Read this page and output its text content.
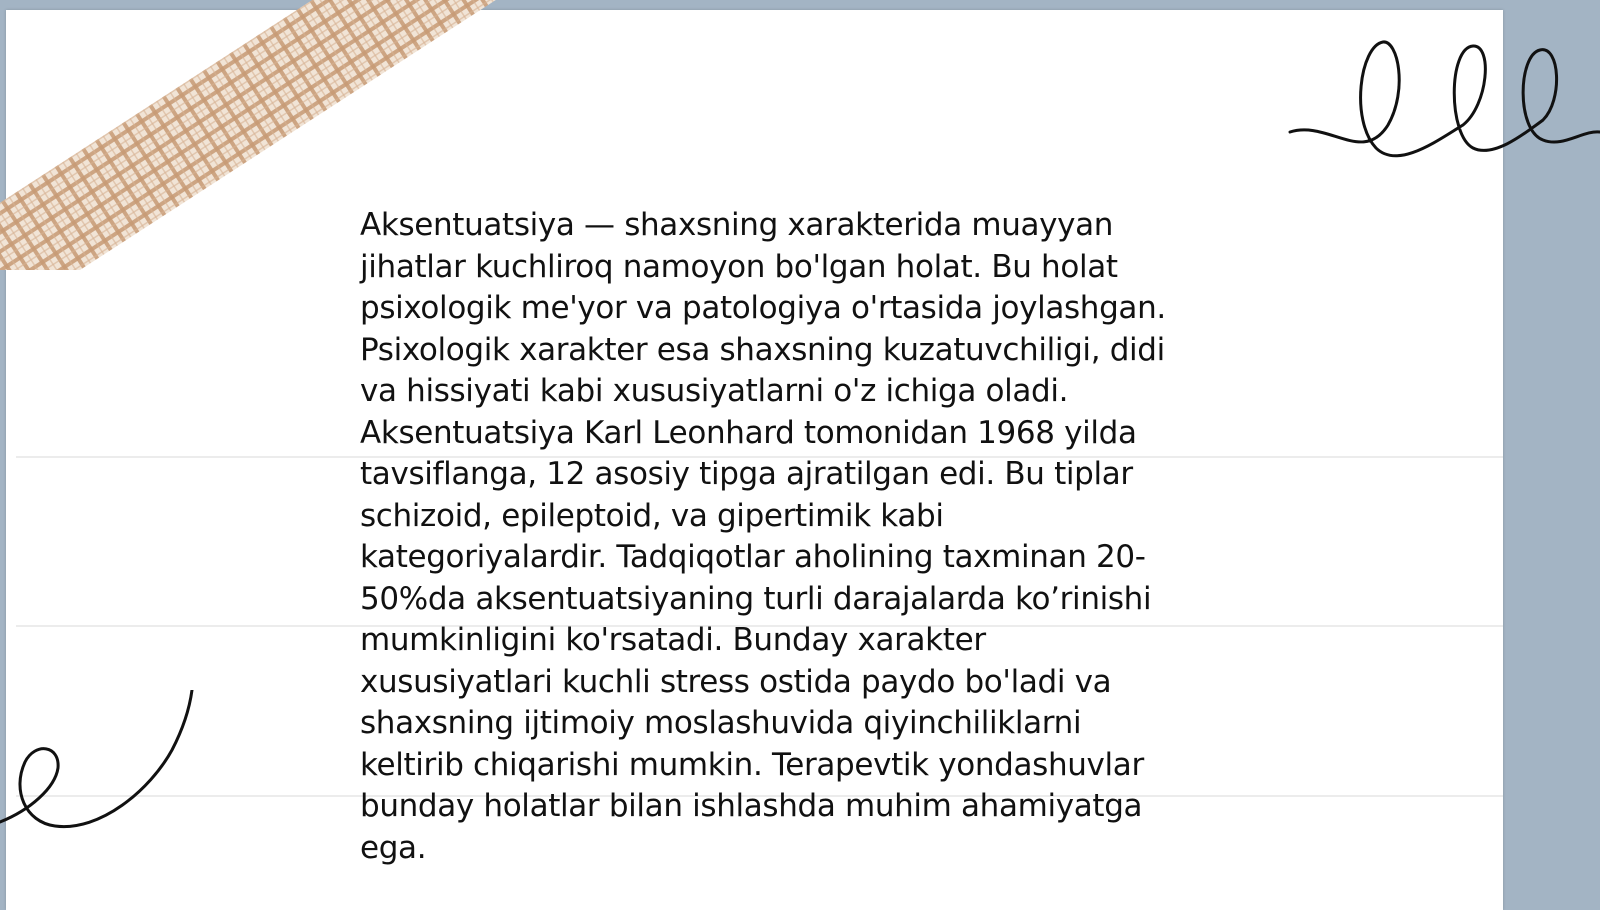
Aksentuatsiya — shaxsning xarakterida muayyan
jihatlar kuchliroq namoyon bo'lgan holat. Bu holat
psixologik me'yor va patologiya o'rtasida joylashgan.
Psixologik xarakter esa shaxsning kuzatuvchiligi, didi
va hissiyati kabi xususiyatlarni o'z ichiga oladi.
Aksentuatsiya Karl Leonhard tomonidan 1968 yilda
tavsiflanga, 12 asosiy tipga ajratilgan edi. Bu tiplar
schizoid, epileptoid, va gipertimik kabi
kategoriyalardir. Tadqiqotlar aholining taxminan 20-
50%da aksentuatsiyaning turli darajalarda ko’rinishi
mumkinligini ko'rsatadi. Bunday xarakter
xususiyatlari kuchli stress ostida paydo bo'ladi va
shaxsning ijtimoiy moslashuvida qiyinchiliklarni
keltirib chiqarishi mumkin. Terapevtik yondashuvlar
bunday holatlar bilan ishlashda muhim ahamiyatga
ega.
